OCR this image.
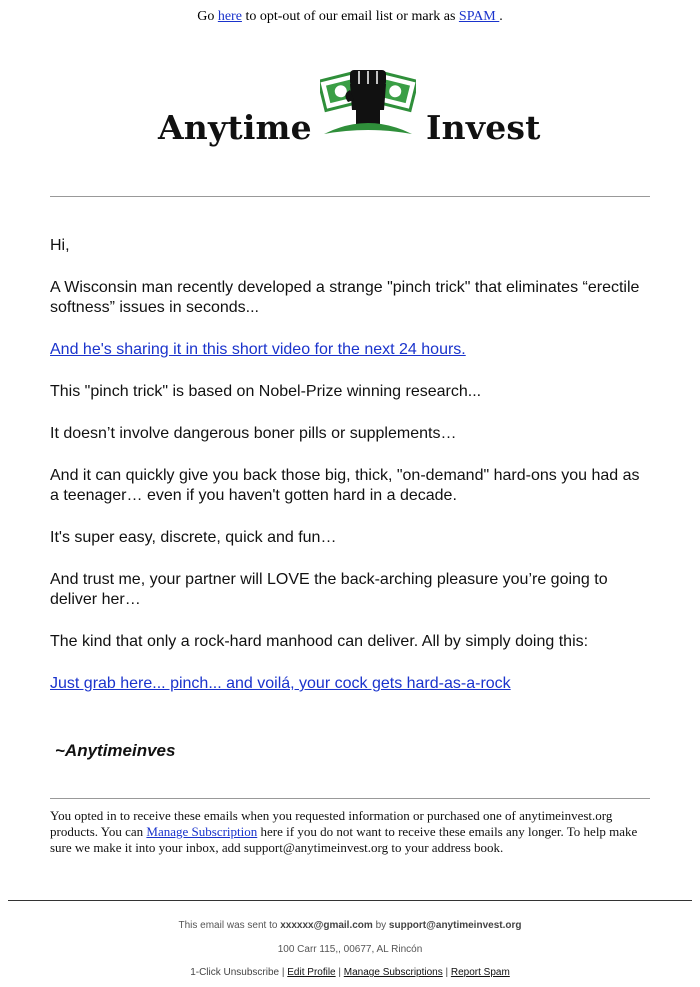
Go here to opt-out of our email list or mark as SPAM .
Anytime	Invest

Hi,

A Wisconsin man recently developed a strange "pinch trick" that eliminates “erectile softness” issues in seconds...

And he's sharing it in this short video for the next 24 hours.

This "pinch trick" is based on Nobel-Prize winning research...

It doesn’t involve dangerous boner pills or supplements…

And it can quickly give you back those big, thick, "on-demand" hard-ons you had as a teenager… even if you haven't gotten hard in a decade.

It's super easy, discrete, quick and fun…

And trust me, your partner will LOVE the back-arching pleasure you’re going to deliver her…

The kind that only a rock-hard manhood can deliver. All by simply doing this:

Just grab here... pinch... and voilá, your cock gets hard-as-a-rock

~Anytimeinves
You opted in to receive these emails when you requested information or purchased one of anytimeinvest.org products. You can Manage Subscription here if you do not want to receive these emails any longer. To help make sure we make it into your inbox, add support@anytimeinvest.org to your address book.
This email was sent to xxxxxx@gmail.com by support@anytimeinvest.org
100 Carr 115,, 00677, AL Rincón
1-Click Unsubscribe | Edit Profile | Manage Subscriptions | Report Spam
